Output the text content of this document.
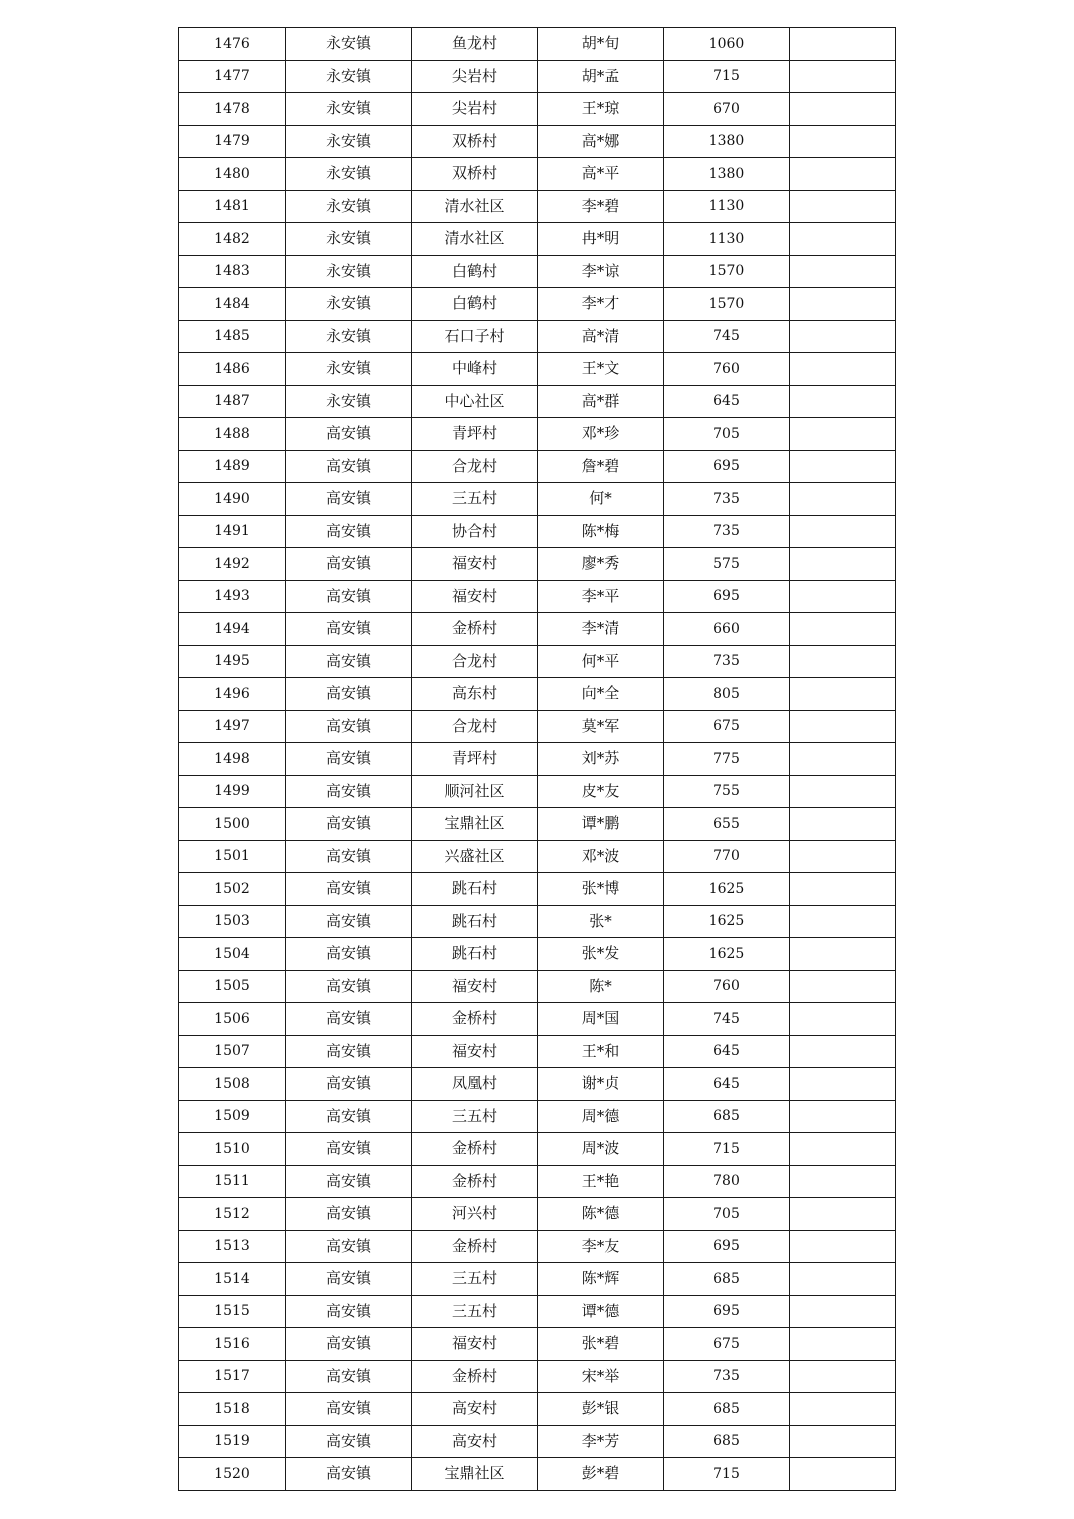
1476	永安镇	鱼龙村	胡*旬	1060	
1477	永安镇	尖岩村	胡*孟	715	
1478	永安镇	尖岩村	王*琼	670	
1479	永安镇	双桥村	高*娜	1380	
1480	永安镇	双桥村	高*平	1380	
1481	永安镇	清水社区	李*碧	1130	
1482	永安镇	清水社区	冉*明	1130	
1483	永安镇	白鹤村	李*谅	1570	
1484	永安镇	白鹤村	李*才	1570	
1485	永安镇	石口子村	高*清	745	
1486	永安镇	中峰村	王*文	760	
1487	永安镇	中心社区	高*群	645	
1488	高安镇	青坪村	邓*珍	705	
1489	高安镇	合龙村	詹*碧	695	
1490	高安镇	三五村	何*	735	
1491	高安镇	协合村	陈*梅	735	
1492	高安镇	福安村	廖*秀	575	
1493	高安镇	福安村	李*平	695	
1494	高安镇	金桥村	李*清	660	
1495	高安镇	合龙村	何*平	735	
1496	高安镇	高东村	向*全	805	
1497	高安镇	合龙村	莫*军	675	
1498	高安镇	青坪村	刘*苏	775	
1499	高安镇	顺河社区	皮*友	755	
1500	高安镇	宝鼎社区	谭*鹏	655	
1501	高安镇	兴盛社区	邓*波	770	
1502	高安镇	跳石村	张*博	1625	
1503	高安镇	跳石村	张*	1625	
1504	高安镇	跳石村	张*发	1625	
1505	高安镇	福安村	陈*	760	
1506	高安镇	金桥村	周*国	745	
1507	高安镇	福安村	王*和	645	
1508	高安镇	凤凰村	谢*贞	645	
1509	高安镇	三五村	周*德	685	
1510	高安镇	金桥村	周*波	715	
1511	高安镇	金桥村	王*艳	780	
1512	高安镇	河兴村	陈*德	705	
1513	高安镇	金桥村	李*友	695	
1514	高安镇	三五村	陈*辉	685	
1515	高安镇	三五村	谭*德	695	
1516	高安镇	福安村	张*碧	675	
1517	高安镇	金桥村	宋*举	735	
1518	高安镇	高安村	彭*银	685	
1519	高安镇	高安村	李*芳	685	
1520	高安镇	宝鼎社区	彭*碧	715	
